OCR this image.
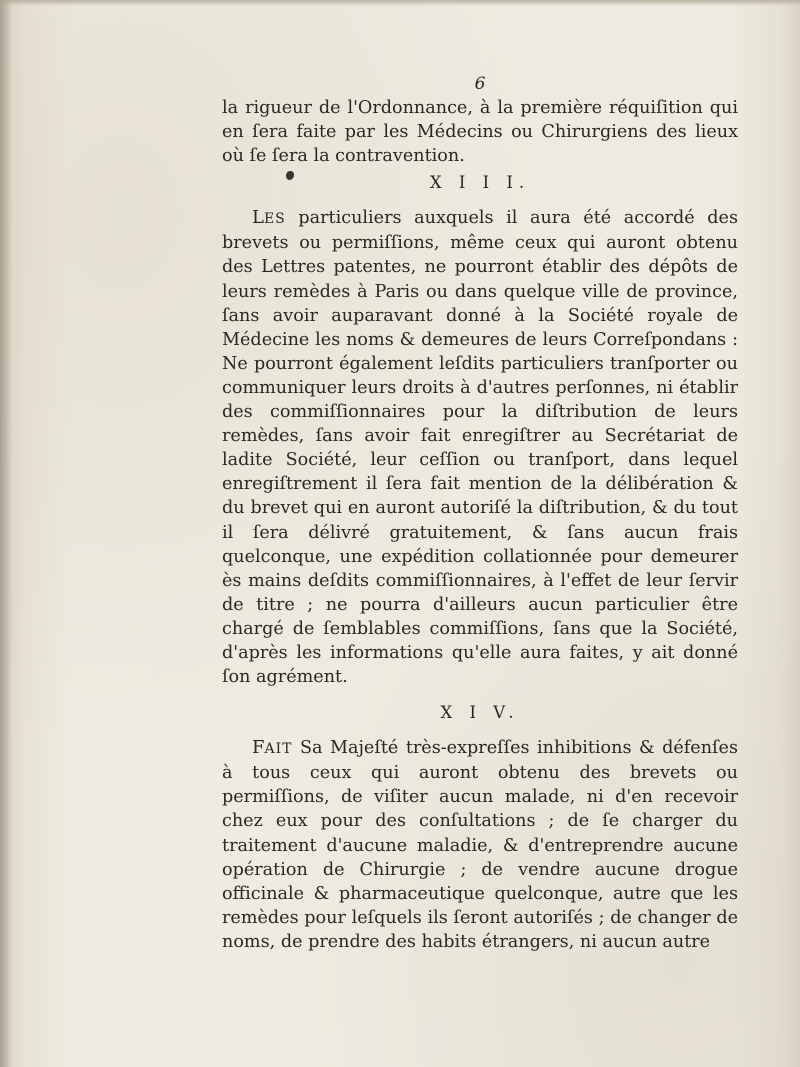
6

la rigueur de l'Ordonnance, à la première réquiſition qui en ſera faite par les Médecins ou Chirurgiens des lieux où ſe ſera la contravention.

X I I I.

LES particuliers auxquels il aura été accordé des brevets ou permiſſions, même ceux qui auront obtenu des Lettres patentes, ne pourront établir des dépôts de leurs remèdes à Paris ou dans quelque ville de province, ſans avoir auparavant donné à la Société royale de Médecine les noms & demeures de leurs Correſpondans : Ne pourront également leſdits particuliers tranſporter ou communiquer leurs droits à d'autres perſonnes, ni établir des commiſſionnaires pour la diſtribution de leurs remèdes, ſans avoir fait enregiſtrer au Secrétariat de ladite Société, leur ceſſion ou tranſport, dans lequel enregiſtrement il ſera fait mention de la délibération & du brevet qui en auront autoriſé la diſtribution, & du tout il ſera délivré gratuitement, & ſans aucun frais quelconque, une expédition collationnée pour demeurer ès mains deſdits commiſſionnaires, à l'effet de leur ſervir de titre ; ne pourra d'ailleurs aucun particulier être chargé de ſemblables commiſſions, ſans que la Société, d'après les informations qu'elle aura faites, y ait donné ſon agrément.

X I V.

FAIT Sa Majeſté très-expreſſes inhibitions & défenſes à tous ceux qui auront obtenu des brevets ou permiſſions, de viſiter aucun malade, ni d'en recevoir chez eux pour des conſultations ; de ſe charger du traitement d'aucune maladie, & d'entreprendre aucune opération de Chirurgie ; de vendre aucune drogue officinale & pharmaceutique quelconque, autre que les remèdes pour leſquels ils ſeront autoriſés ; de changer de noms, de prendre des habits étrangers, ni aucun autre
